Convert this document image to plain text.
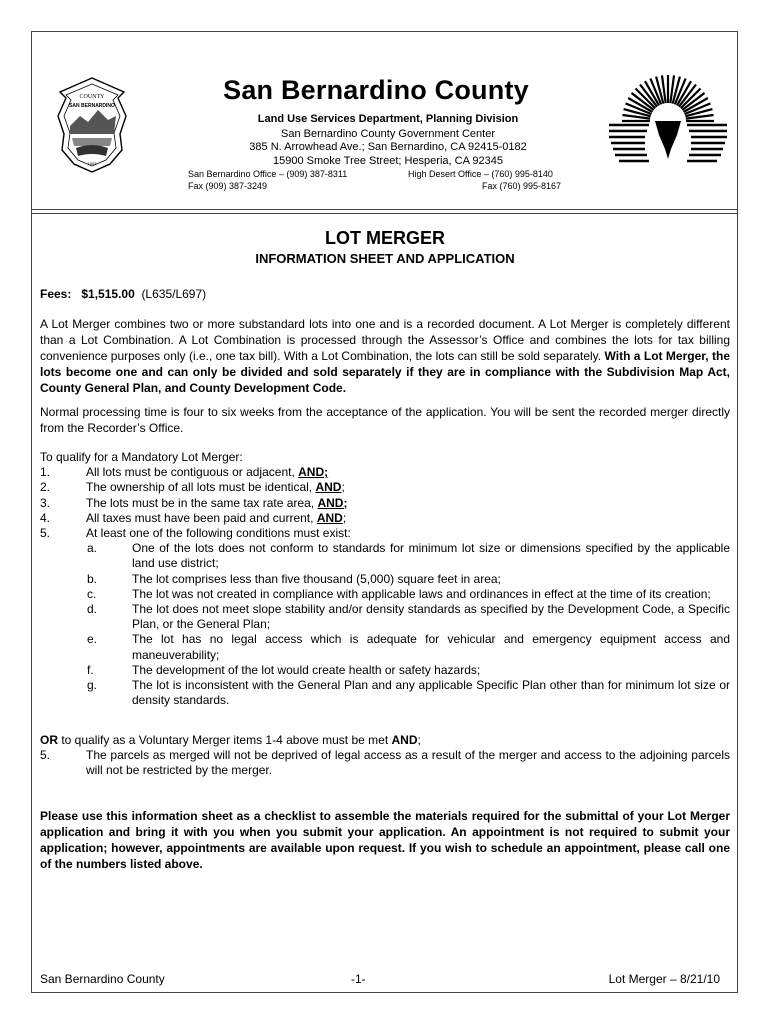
COUNTY
SAN BERNARDINO
1853
San Bernardino County
Land Use Services Department, Planning Division
San Bernardino County Government Center
385 N. Arrowhead Ave.; San Bernardino, CA 92415-0182
15900 Smoke Tree Street; Hesperia, CA 92345
San Bernardino Office – (909) 387-8311
Fax (909) 387-3249
High Desert Office – (760) 995-8140
Fax (760) 995-8167
LOT MERGER
INFORMATION SHEET AND APPLICATION
Fees: $1,515.00 (L635/L697)
A Lot Merger combines two or more substandard lots into one and is a recorded document. A Lot Merger is completely different than a Lot Combination. A Lot Combination is processed through the Assessor’s Office and combines the lots for tax billing convenience purposes only (i.e., one tax bill). With a Lot Combination, the lots can still be sold separately. With a Lot Merger, the lots become one and can only be divided and sold separately if they are in compliance with the Subdivision Map Act, County General Plan, and County Development Code.
Normal processing time is four to six weeks from the acceptance of the application. You will be sent the recorded merger directly from the Recorder’s Office.
To qualify for a Mandatory Lot Merger:
1.	All lots must be contiguous or adjacent, AND;
2.	The ownership of all lots must be identical, AND;
3.	The lots must be in the same tax rate area, AND;
4.	All taxes must have been paid and current, AND;
5.	At least one of the following conditions must exist:
a.	One of the lots does not conform to standards for minimum lot size or dimensions specified by the applicable land use district;
b.	The lot comprises less than five thousand (5,000) square feet in area;
c.	The lot was not created in compliance with applicable laws and ordinances in effect at the time of its creation;
d.	The lot does not meet slope stability and/or density standards as specified by the Development Code, a Specific Plan, or the General Plan;
e.	The lot has no legal access which is adequate for vehicular and emergency equipment access and maneuverability;
f.	The development of the lot would create health or safety hazards;
g.	The lot is inconsistent with the General Plan and any applicable Specific Plan other than for minimum lot size or density standards.
OR to qualify as a Voluntary Merger items 1-4 above must be met AND;
5.	The parcels as merged will not be deprived of legal access as a result of the merger and access to the adjoining parcels will not be restricted by the merger.
Please use this information sheet as a checklist to assemble the materials required for the submittal of your Lot Merger application and bring it with you when you submit your application. An appointment is not required to submit your application; however, appointments are available upon request. If you wish to schedule an appointment, please call one of the numbers listed above.
San Bernardino County	-1-	Lot Merger – 8/21/10
